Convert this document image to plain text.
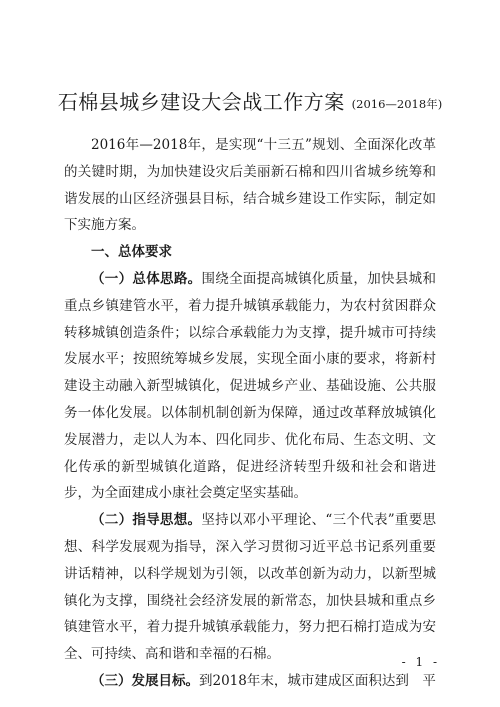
石棉县城乡建设大会战工作方案 (2016—2018年)

2016年—2018年，是实现“十三五”规划、全面深化改革的关键时期，为加快建设灾后美丽新石棉和四川省城乡统筹和谐发展的山区经济强县目标，结合城乡建设工作实际，制定如下实施方案。

一、总体要求

（一）总体思路。围绕全面提高城镇化质量，加快县城和重点乡镇建管水平，着力提升城镇承载能力，为农村贫困群众转移城镇创造条件；以综合承载能力为支撑，提升城市可持续发展水平；按照统筹城乡发展，实现全面小康的要求，将新村建设主动融入新型城镇化，促进城乡产业、基础设施、公共服务一体化发展。以体制机制创新为保障，通过改革释放城镇化发展潜力，走以人为本、四化同步、优化布局、生态文明、文化传承的新型城镇化道路，促进经济转型升级和社会和谐进步，为全面建成小康社会奠定坚实基础。

（二）指导思想。坚持以邓小平理论、“三个代表”重要思想、科学发展观为指导，深入学习贯彻习近平总书记系列重要讲话精神，以科学规划为引领，以改革创新为动力，以新型城镇化为支撑，围绕社会经济发展的新常态，加快县城和重点乡镇建管水平，着力提升城镇承载能力，努力把石棉打造成为安全、可持续、高和谐和幸福的石棉。

（三）发展目标。到2018年末，城市建成区面积达到　平

- 1 -
